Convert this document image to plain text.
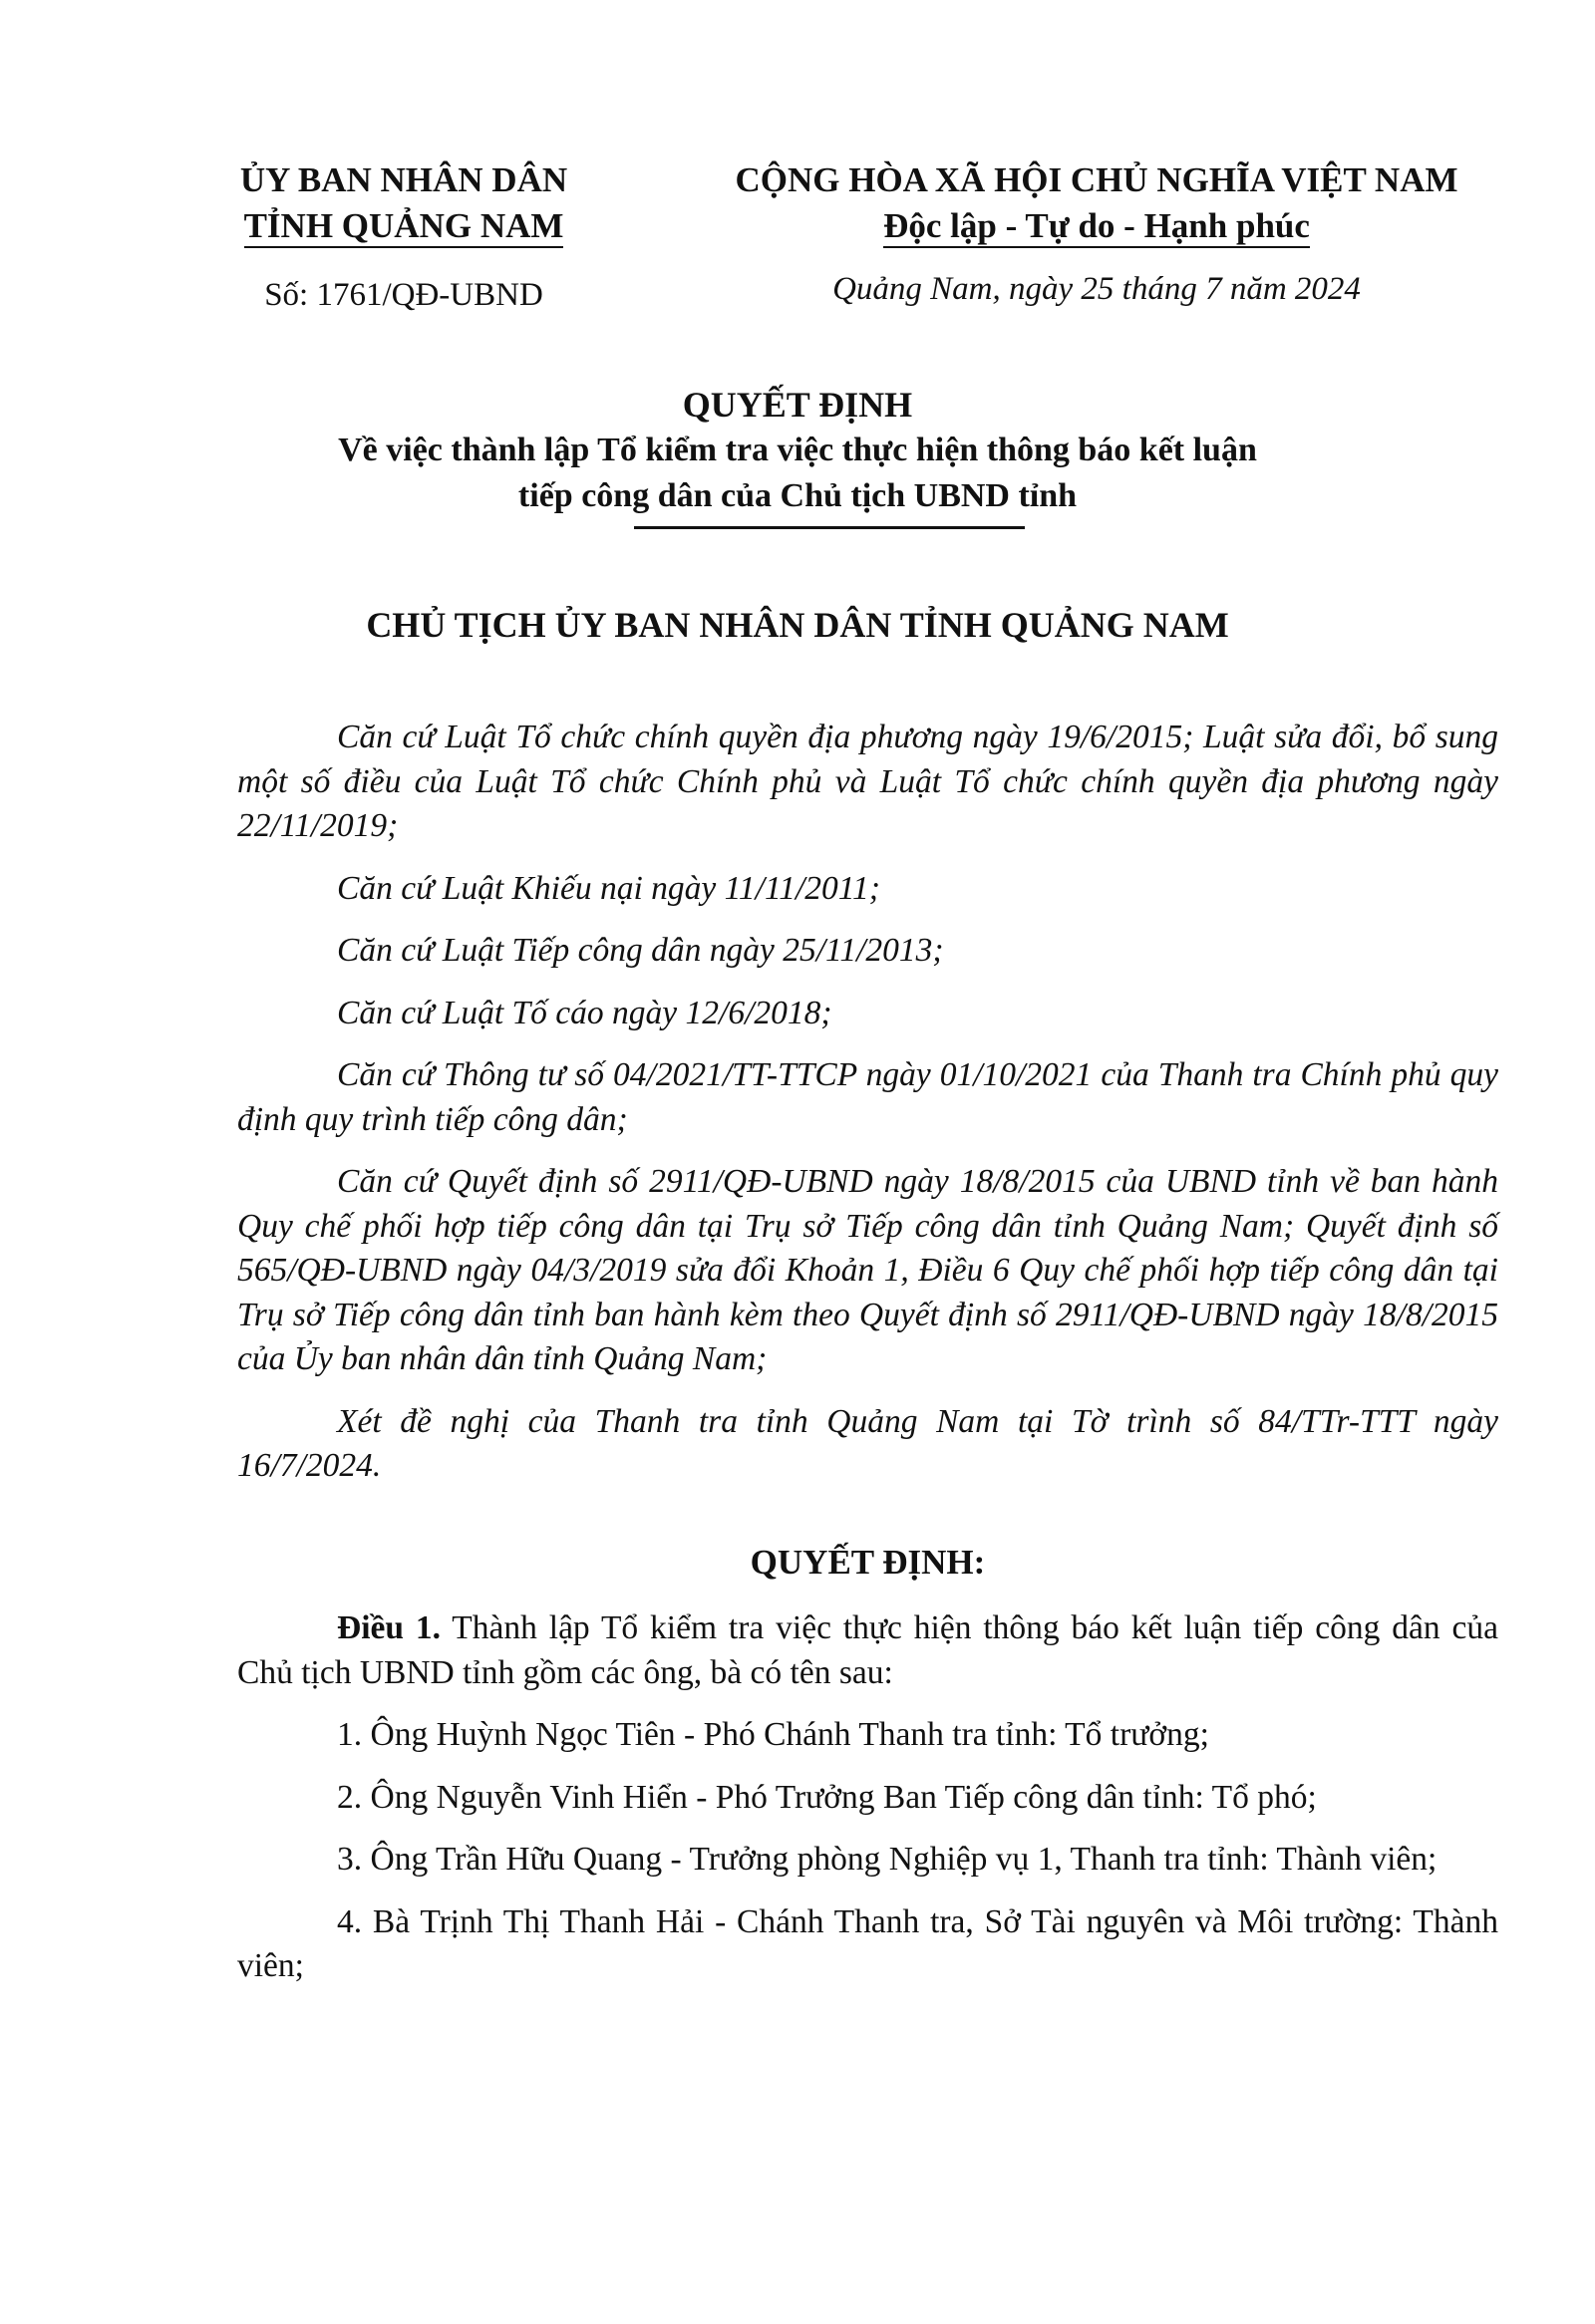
ỦY BAN NHÂN DÂN
TỈNH QUẢNG NAM
Số: 1761/QĐ-UBND
CỘNG HÒA XÃ HỘI CHỦ NGHĨA VIỆT NAM
Độc lập - Tự do - Hạnh phúc
Quảng Nam, ngày 25 tháng 7 năm 2024
QUYẾT ĐỊNH
Về việc thành lập Tổ kiểm tra việc thực hiện thông báo kết luận
tiếp công dân của Chủ tịch UBND tỉnh
CHỦ TỊCH ỦY BAN NHÂN DÂN TỈNH QUẢNG NAM

Căn cứ Luật Tổ chức chính quyền địa phương ngày 19/6/2015; Luật sửa đổi, bổ sung một số điều của Luật Tổ chức Chính phủ và Luật Tổ chức chính quyền địa phương ngày 22/11/2019;

Căn cứ Luật Khiếu nại ngày 11/11/2011;

Căn cứ Luật Tiếp công dân ngày 25/11/2013;

Căn cứ Luật Tố cáo ngày 12/6/2018;

Căn cứ Thông tư số 04/2021/TT-TTCP ngày 01/10/2021 của Thanh tra Chính phủ quy định quy trình tiếp công dân;

Căn cứ Quyết định số 2911/QĐ-UBND ngày 18/8/2015 của UBND tỉnh về ban hành Quy chế phối hợp tiếp công dân tại Trụ sở Tiếp công dân tỉnh Quảng Nam; Quyết định số 565/QĐ-UBND ngày 04/3/2019 sửa đổi Khoản 1, Điều 6 Quy chế phối hợp tiếp công dân tại Trụ sở Tiếp công dân tỉnh ban hành kèm theo Quyết định số 2911/QĐ-UBND ngày 18/8/2015 của Ủy ban nhân dân tỉnh Quảng Nam;

Xét đề nghị của Thanh tra tỉnh Quảng Nam tại Tờ trình số 84/TTr-TTT ngày 16/7/2024.

QUYẾT ĐỊNH:

Điều 1. Thành lập Tổ kiểm tra việc thực hiện thông báo kết luận tiếp công dân của Chủ tịch UBND tỉnh gồm các ông, bà có tên sau:

1. Ông Huỳnh Ngọc Tiên - Phó Chánh Thanh tra tỉnh: Tổ trưởng;

2. Ông Nguyễn Vinh Hiển - Phó Trưởng Ban Tiếp công dân tỉnh: Tổ phó;

3. Ông Trần Hữu Quang - Trưởng phòng Nghiệp vụ 1, Thanh tra tỉnh: Thành viên;

4. Bà Trịnh Thị Thanh Hải - Chánh Thanh tra, Sở Tài nguyên và Môi trường: Thành viên;
